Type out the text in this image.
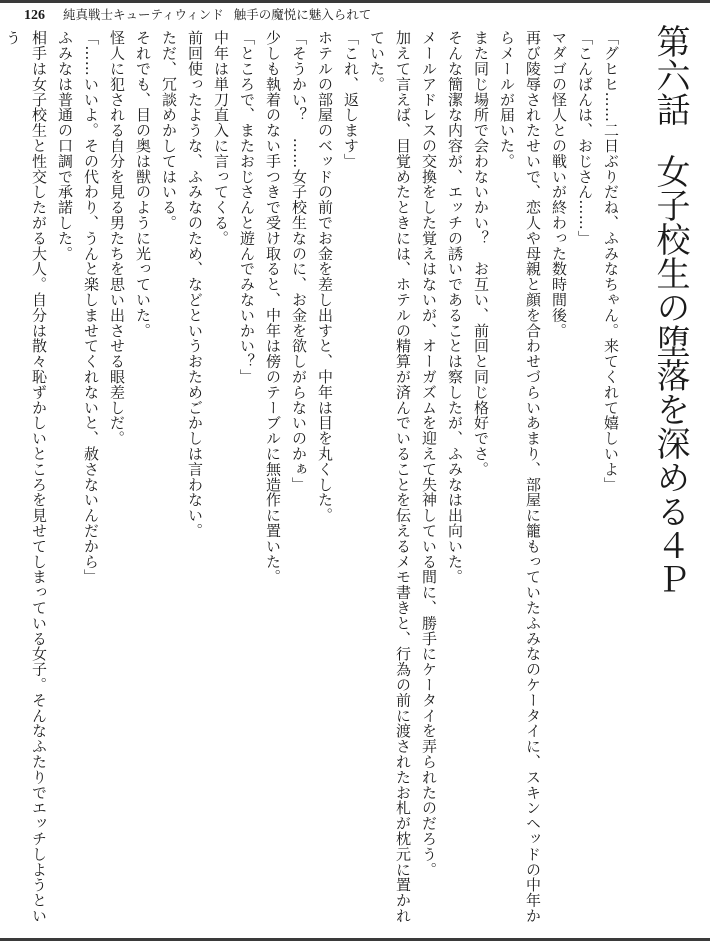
126 純真戦士キューティウィンド 触手の魔悦に魅入られて
第六話女子校生の堕落を深める４Ｐ

「グヒヒ……二日ぶりだね、ふみなちゃん。来てくれて嬉しいよ」

「こんばんは、おじさん……」

マダゴの怪人との戦いが終わった数時間後。

再び陵辱されたせいで、恋人や母親と顔を合わせづらいあまり、部屋に籠もっていたふみなのケータイに、スキンヘッドの中年からメールが届いた。

また同じ場所で会わないかい？　お互い、前回と同じ格好でさ。

そんな簡潔な内容が、エッチの誘いであることは察したが、ふみなは出向いた。

メールアドレスの交換をした覚えはないが、オーガズムを迎えて失神している間に、勝手にケータイを弄られたのだろう。

加えて言えば、目覚めたときには、ホテルの精算が済んでいることを伝えるメモ書きと、行為の前に渡されたお札が枕元に置かれていた。

「これ、返します」

ホテルの部屋のベッドの前でお金を差し出すと、中年は目を丸くした。

「そうかい？　……女子校生なのに、お金を欲しがらないのかぁ」

少しも執着のない手つきで受け取ると、中年は傍のテーブルに無造作に置いた。

「ところで、またおじさんと遊んでみないかい？」

中年は単刀直入に言ってくる。

前回使ったような、ふみなのため、などというおためごかしは言わない。

ただ、冗談めかしてはいる。

それでも、目の奥は獣のように光っていた。

怪人に犯される自分を見る男たちを思い出させる眼差しだ。

「……いいよ。その代わり、うんと楽しませてくれないと、赦さないんだから」

ふみなは普通の口調で承諾した。

相手は女子校生と性交したがる大人。自分は散々恥ずかしいところを見せてしまっている女子。そんなふたりでエッチしようという
